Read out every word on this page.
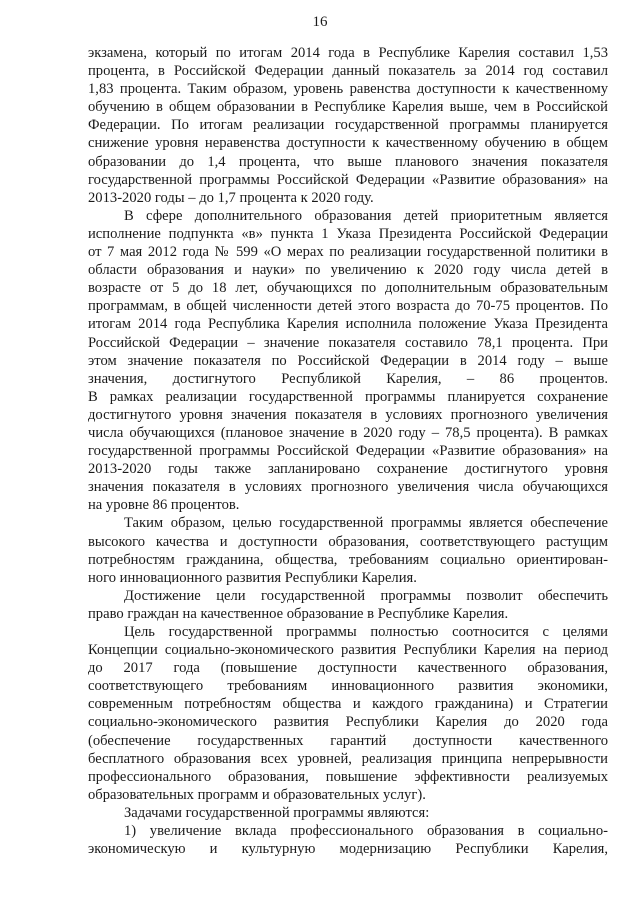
16
экзамена, который по итогам 2014 года в Республике Карелия составил 1,53
процента, в Российской Федерации данный показатель за 2014 год составил
1,83 процента. Таким образом, уровень равенства доступности к качественному
обучению в общем образовании в Республике Карелия выше, чем в Российской
Федерации. По итогам реализации государственной программы планируется
снижение уровня неравенства доступности к качественному обучению в общем
образовании до 1,4 процента, что выше планового значения показателя
государственной программы Российской Федерации «Развитие образования» на
2013-2020 годы – до 1,7 процента к 2020 году.
В сфере дополнительного образования детей приоритетным является
исполнение подпункта «в» пункта 1 Указа Президента Российской Федерации
от 7 мая 2012 года № 599 «О мерах по реализации государственной политики в
области образования и науки» по увеличению к 2020 году числа детей в
возрасте от 5 до 18 лет, обучающихся по дополнительным образовательным
программам, в общей численности детей этого возраста до 70-75 процентов. По
итогам 2014 года Республика Карелия исполнила положение Указа Президента
Российской Федерации – значение показателя составило 78,1 процента. При
этом значение показателя по Российской Федерации в 2014 году – выше
значения, достигнутого Республикой Карелия, – 86 процентов.
В рамках реализации государственной программы планируется сохранение
достигнутого уровня значения показателя в условиях прогнозного увеличения
числа обучающихся (плановое значение в 2020 году – 78,5 процента). В рамках
государственной программы Российской Федерации «Развитие образования» на
2013-2020 годы также запланировано сохранение достигнутого уровня
значения показателя в условиях прогнозного увеличения числа обучающихся
на уровне 86 процентов.
Таким образом, целью государственной программы является обеспечение
высокого качества и доступности образования, соответствующего растущим
потребностям гражданина, общества, требованиям социально ориентирован-
ного инновационного развития Республики Карелия.
Достижение цели государственной программы позволит обеспечить
право граждан на качественное образование в Республике Карелия.
Цель государственной программы полностью соотносится с целями
Концепции социально-экономического развития Республики Карелия на период
до 2017 года (повышение доступности качественного образования,
соответствующего требованиям инновационного развития экономики,
современным потребностям общества и каждого гражданина) и Стратегии
социально-экономического развития Республики Карелия до 2020 года
(обеспечение государственных гарантий доступности качественного
бесплатного образования всех уровней, реализация принципа непрерывности
профессионального образования, повышение эффективности реализуемых
образовательных программ и образовательных услуг).
Задачами государственной программы являются:
1) увеличение вклада профессионального образования в социально-
экономическую и культурную модернизацию Республики Карелия,
